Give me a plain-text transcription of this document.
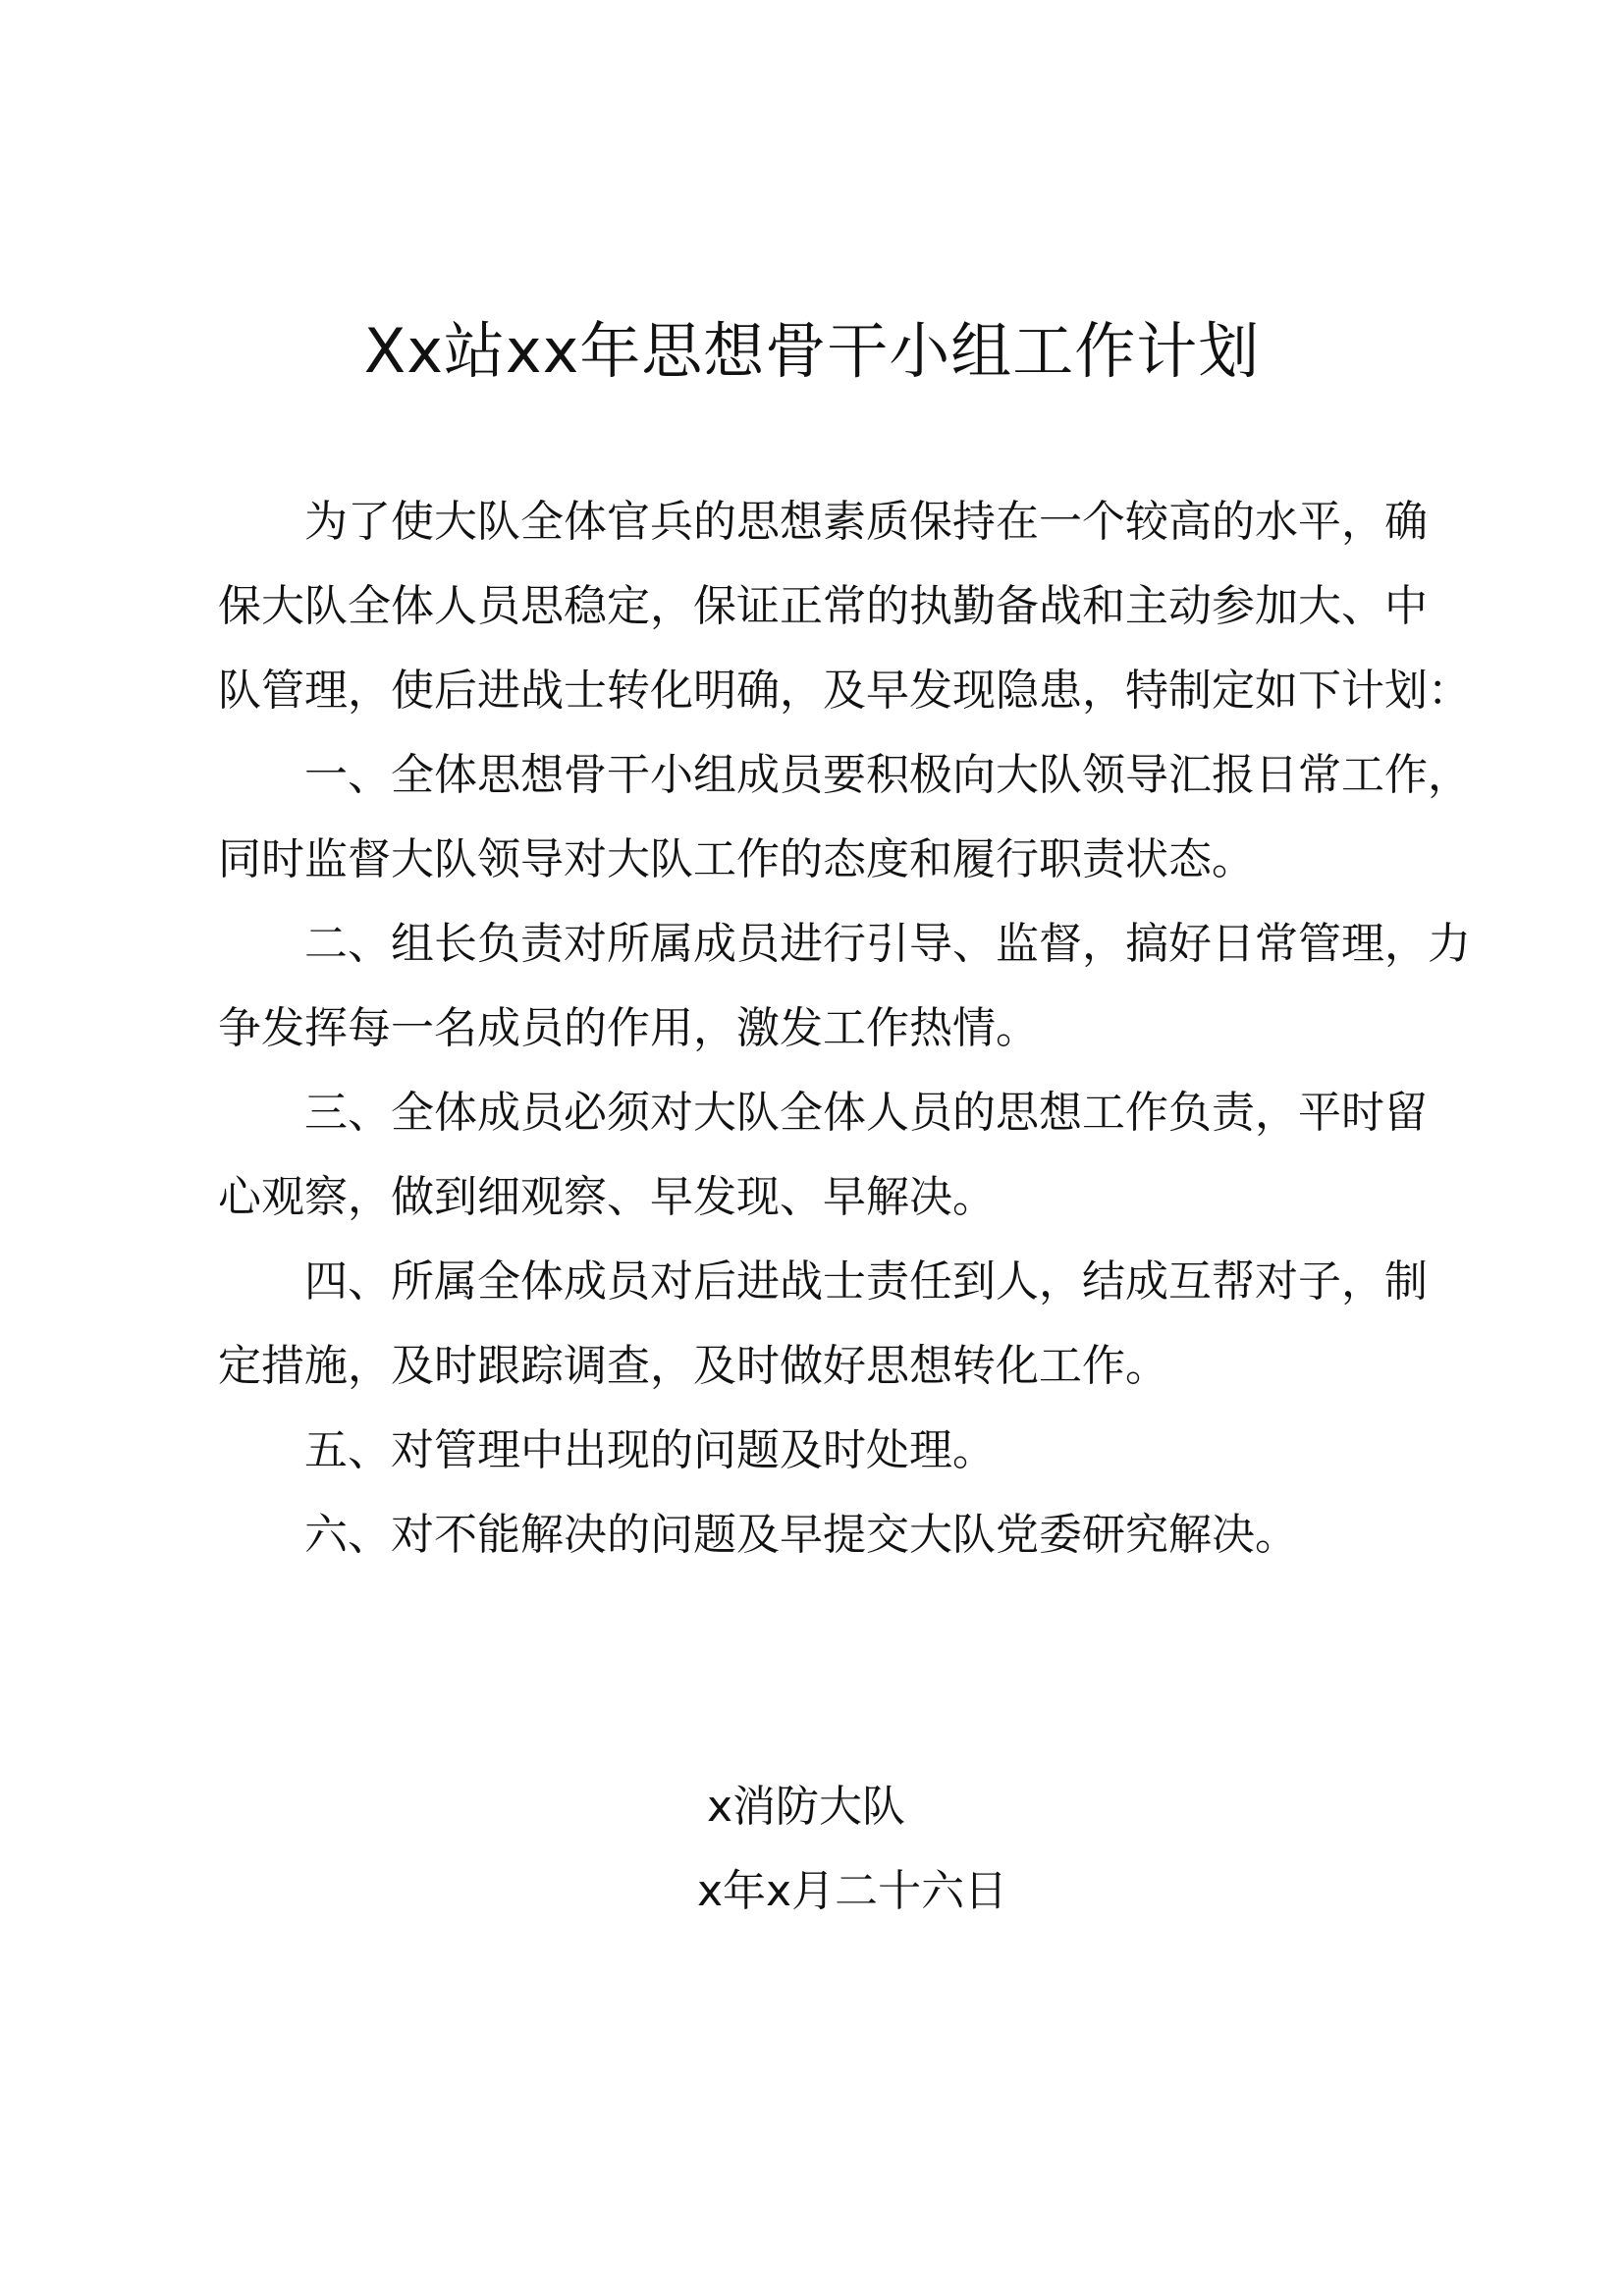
Xx站xx年思想骨干小组工作计划
为了使大队全体官兵的思想素质保持在一个较高的水平，确
保大队全体人员思稳定，保证正常的执勤备战和主动参加大、中
队管理，使后进战士转化明确，及早发现隐患，特制定如下计划：
一、全体思想骨干小组成员要积极向大队领导汇报日常工作，
同时监督大队领导对大队工作的态度和履行职责状态。
二、组长负责对所属成员进行引导、监督，搞好日常管理，力
争发挥每一名成员的作用，激发工作热情。
三、全体成员必须对大队全体人员的思想工作负责，平时留
心观察，做到细观察、早发现、早解决。
四、所属全体成员对后进战士责任到人，结成互帮对子，制
定措施，及时跟踪调查，及时做好思想转化工作。
五、对管理中出现的问题及时处理。
六、对不能解决的问题及早提交大队党委研究解决。
x消防大队
x年x月二十六日
